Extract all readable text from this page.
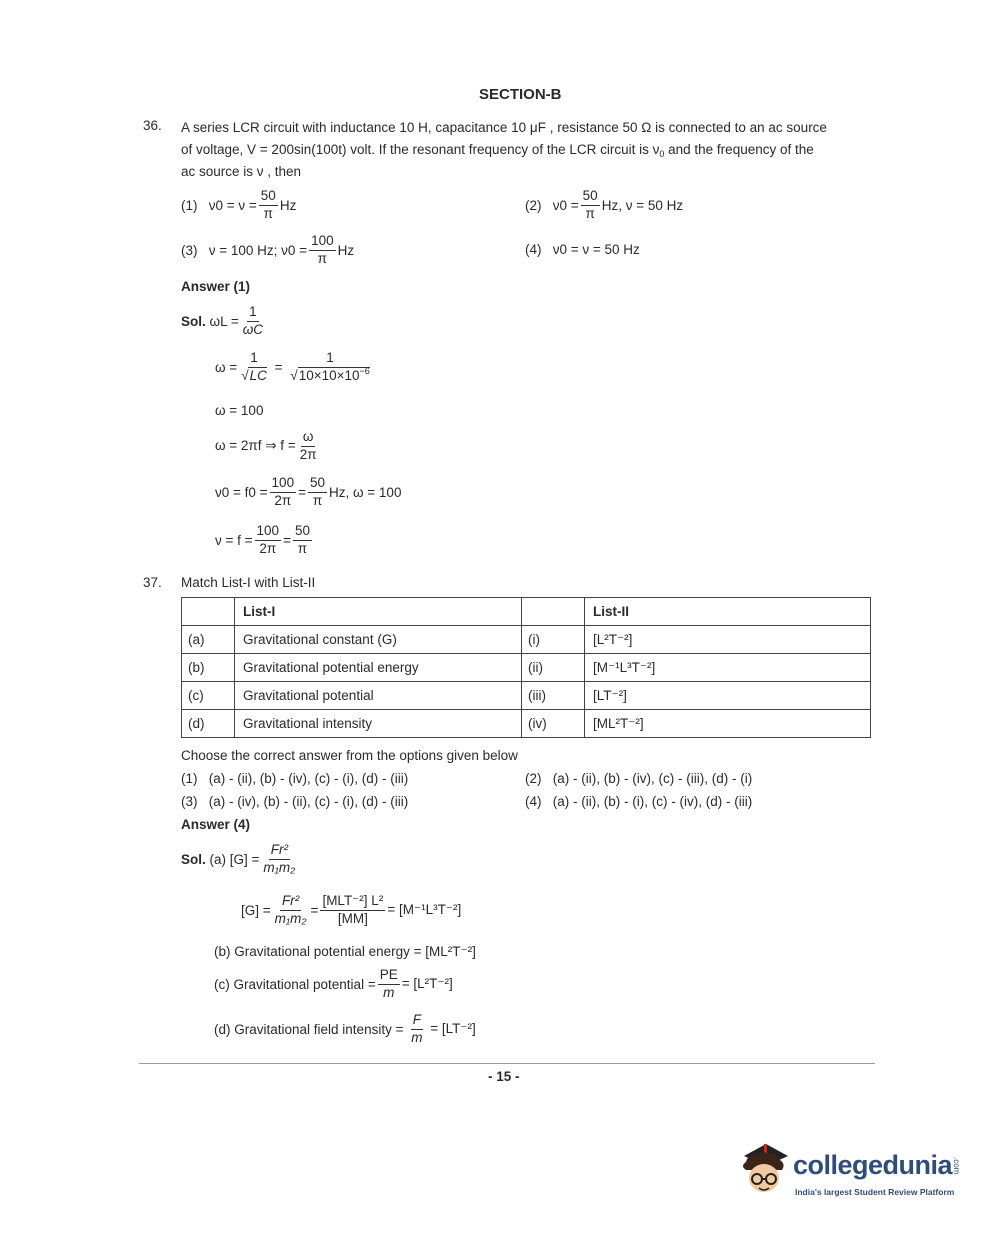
SECTION-B
36. A series LCR circuit with inductance 10 H, capacitance 10 μF , resistance 50 Ω is connected to an ac source
of voltage, V = 200sin(100t) volt. If the resonant frequency of the LCR circuit is $\nu_0$ and the frequency of the
ac source is ν , then
(1)
$\nu 0 = \nu = \frac{50}{\pi}$ Hz	(2)
$\nu 0 = \frac{50}{\pi} Hz$, ν = 50 Hz
(3)
ν = 100 Hz; $\nu 0 = \frac{100}{\pi}$ Hz	(4)
ν0 = ν = 50 Hz
Answer (1)
Sol.
$\omega L = \frac{1}{\omega C}$
$\omega = \frac{1}{√LC} = \frac{1}{√10\times 10\times 10^{-6}}$
ω = 100
ω = 2πf ⇒ $f = \frac{\omega}{2\pi}$
$\nu 0 = f0 = \frac{100}{2\pi} = \frac{50}{\pi} Hz$, ω = 100
$\nu = f = \frac{100}{2\pi} = \frac{50}{\pi}$
37. Match List-I with List-II
	List-I		List-II
(a)	Gravitational constant (G)	(i)	[L²T⁻²]
(b)	Gravitational potential energy	(ii)	[M⁻¹L³T⁻²]
(c)	Gravitational potential	(iii)	[LT⁻²]
(d)	Gravitational intensity	(iv)	[ML²T⁻²]
Choose the correct answer from the options given below
(1) (a) - (ii), (b) - (iv), (c) - (i), (d) - (iii)	(2) (a) - (ii), (b) - (iv), (c) - (iii), (d) - (i)
(3) (a) - (iv), (b) - (ii), (c) - (i), (d) - (iii)	(4) (a) - (ii), (b) - (i), (c) - (iv), (d) - (iii)
Answer (4)
Sol.
(a) $[G] = \frac{\text{Fr²}}{\text{m₁m₂}}$
$[G] = \frac{\text{Fr²}}{\text{m₁m₂}} = \frac{\text{[MLT⁻²] L²}}{[MM]} = [M^{-1}L^3T^{-2}]$
(b) Gravitational potential energy = [ML²T⁻²]
(c) Gravitational potential = $\frac{PE}{m} = [L^2T^{-2}]$
(d) Gravitational field intensity =
$\frac{F}{m}$
= [LT⁻²]
- 15 -
collegedunia.com
India's largest Student Review Platform
